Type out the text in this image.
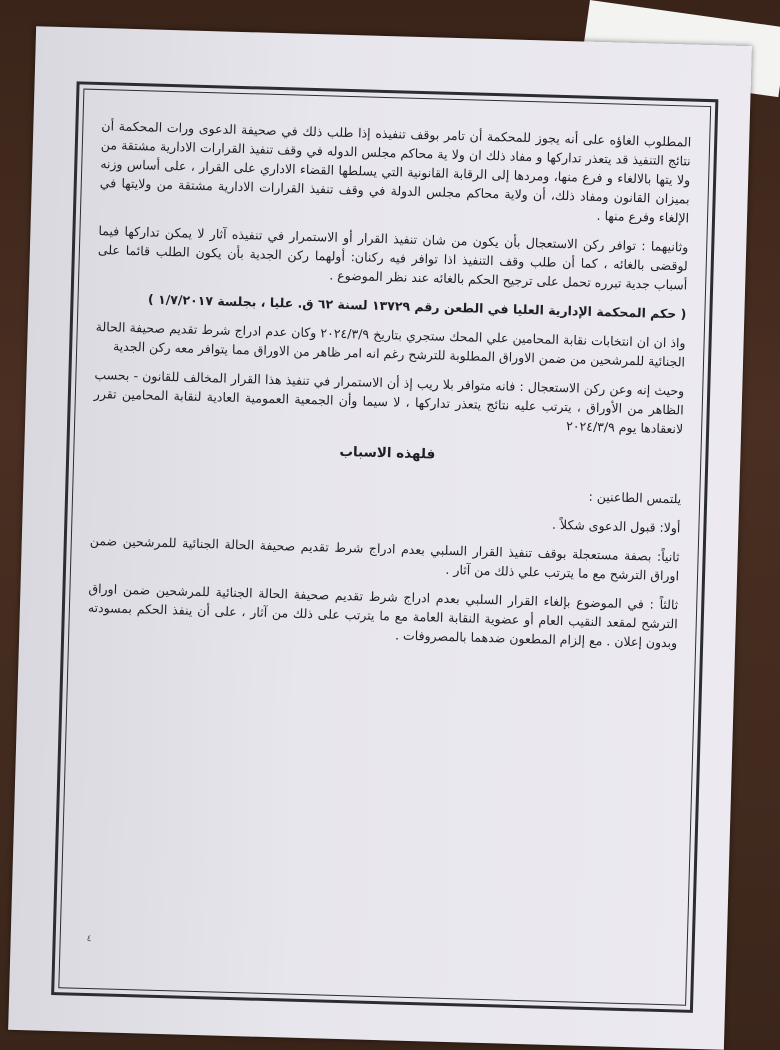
المطلوب الغاؤه على أنه يجوز للمحكمة أن تامر بوقف تنفيذه إذا طلب ذلك في صحيفة الدعوى ورات المحكمة أن نتائج التنفيذ قد يتعذر تداركها و مفاد ذلك ان ولا ية محاكم مجلس الدوله في وقف تنفيذ القرارات الادارية مشتقة من ولا يتها بالالغاء و فرع منها، ومردها إلى الرقابة القانونية التي يسلطها القضاء الاداري على القرار ، على أساس وزنه بميزان القانون ومفاد ذلك، أن ولاية محاكم مجلس الدولة في وقف تنفيذ القرارات الادارية مشتقة من ولايتها في الإلغاء وفرع منها .

وثانيهما : توافر ركن الاستعجال بأن يكون من شان تنفيذ القرار أو الاستمرار في تنفيذه آثار لا يمكن تداركها فيما لوقضى بالغائه ، كما أن طلب وقف التنفيذ اذا توافر فيه ركنان: أولهما ركن الجدية بأن يكون الطلب قائما على أسباب جدية تبرره تحمل على ترجيح الحكم بالغائه عند نظر الموضوع .

( حكم المحكمة الإدارية العليا في الطعن رقم ١٣٧٢٩ لسنة ٦٢ ق. عليا ، بجلسة ١/٧/٢٠١٧ )

واذ ان ان انتخابات نقابة المحامين علي المحك ستجري بتاريخ ٢٠٢٤/٣/٩ وكان عدم ادراج شرط تقديم صحيفة الحالة الجنائية للمرشحين من ضمن الاوراق المطلوبة للترشح رغم انه امر ظاهر من الاوراق مما يتوافر معه ركن الجدية

وحيث إنه وعن ركن الاستعجال : فانه متوافر بلا ريب إذ أن الاستمرار في تنفيذ هذا القرار المخالف للقانون - بحسب الظاهر من الأوراق ، يترتب عليه نتائج يتعذر تداركها ، لا سيما وأن الجمعية العمومية العادية لنقابة المحامين تقرر لانعقادها يوم ٢٠٢٤/٣/٩

فلهذه الاسباب

يلتمس الطاعنين :

أولا: قبول الدعوى شكلاً .

ثانياً: بصفة مستعجلة بوقف تنفيذ القرار السلبي بعدم ادراج شرط تقديم صحيفة الحالة الجنائية للمرشحين ضمن اوراق الترشح مع ما يترتب علي ذلك من آثار .

ثالثاً : في الموضوع بإلغاء القرار السلبي بعدم ادراج شرط تقديم صحيفة الحالة الجنائية للمرشحين ضمن اوراق الترشح لمقعد النقيب العام أو عضوية النقابة العامة مع ما يترتب على ذلك من آثار ، على أن ينفذ الحكم بمسودته وبدون إعلان . مع إلزام المطعون ضدهما بالمصروفات .

٤
